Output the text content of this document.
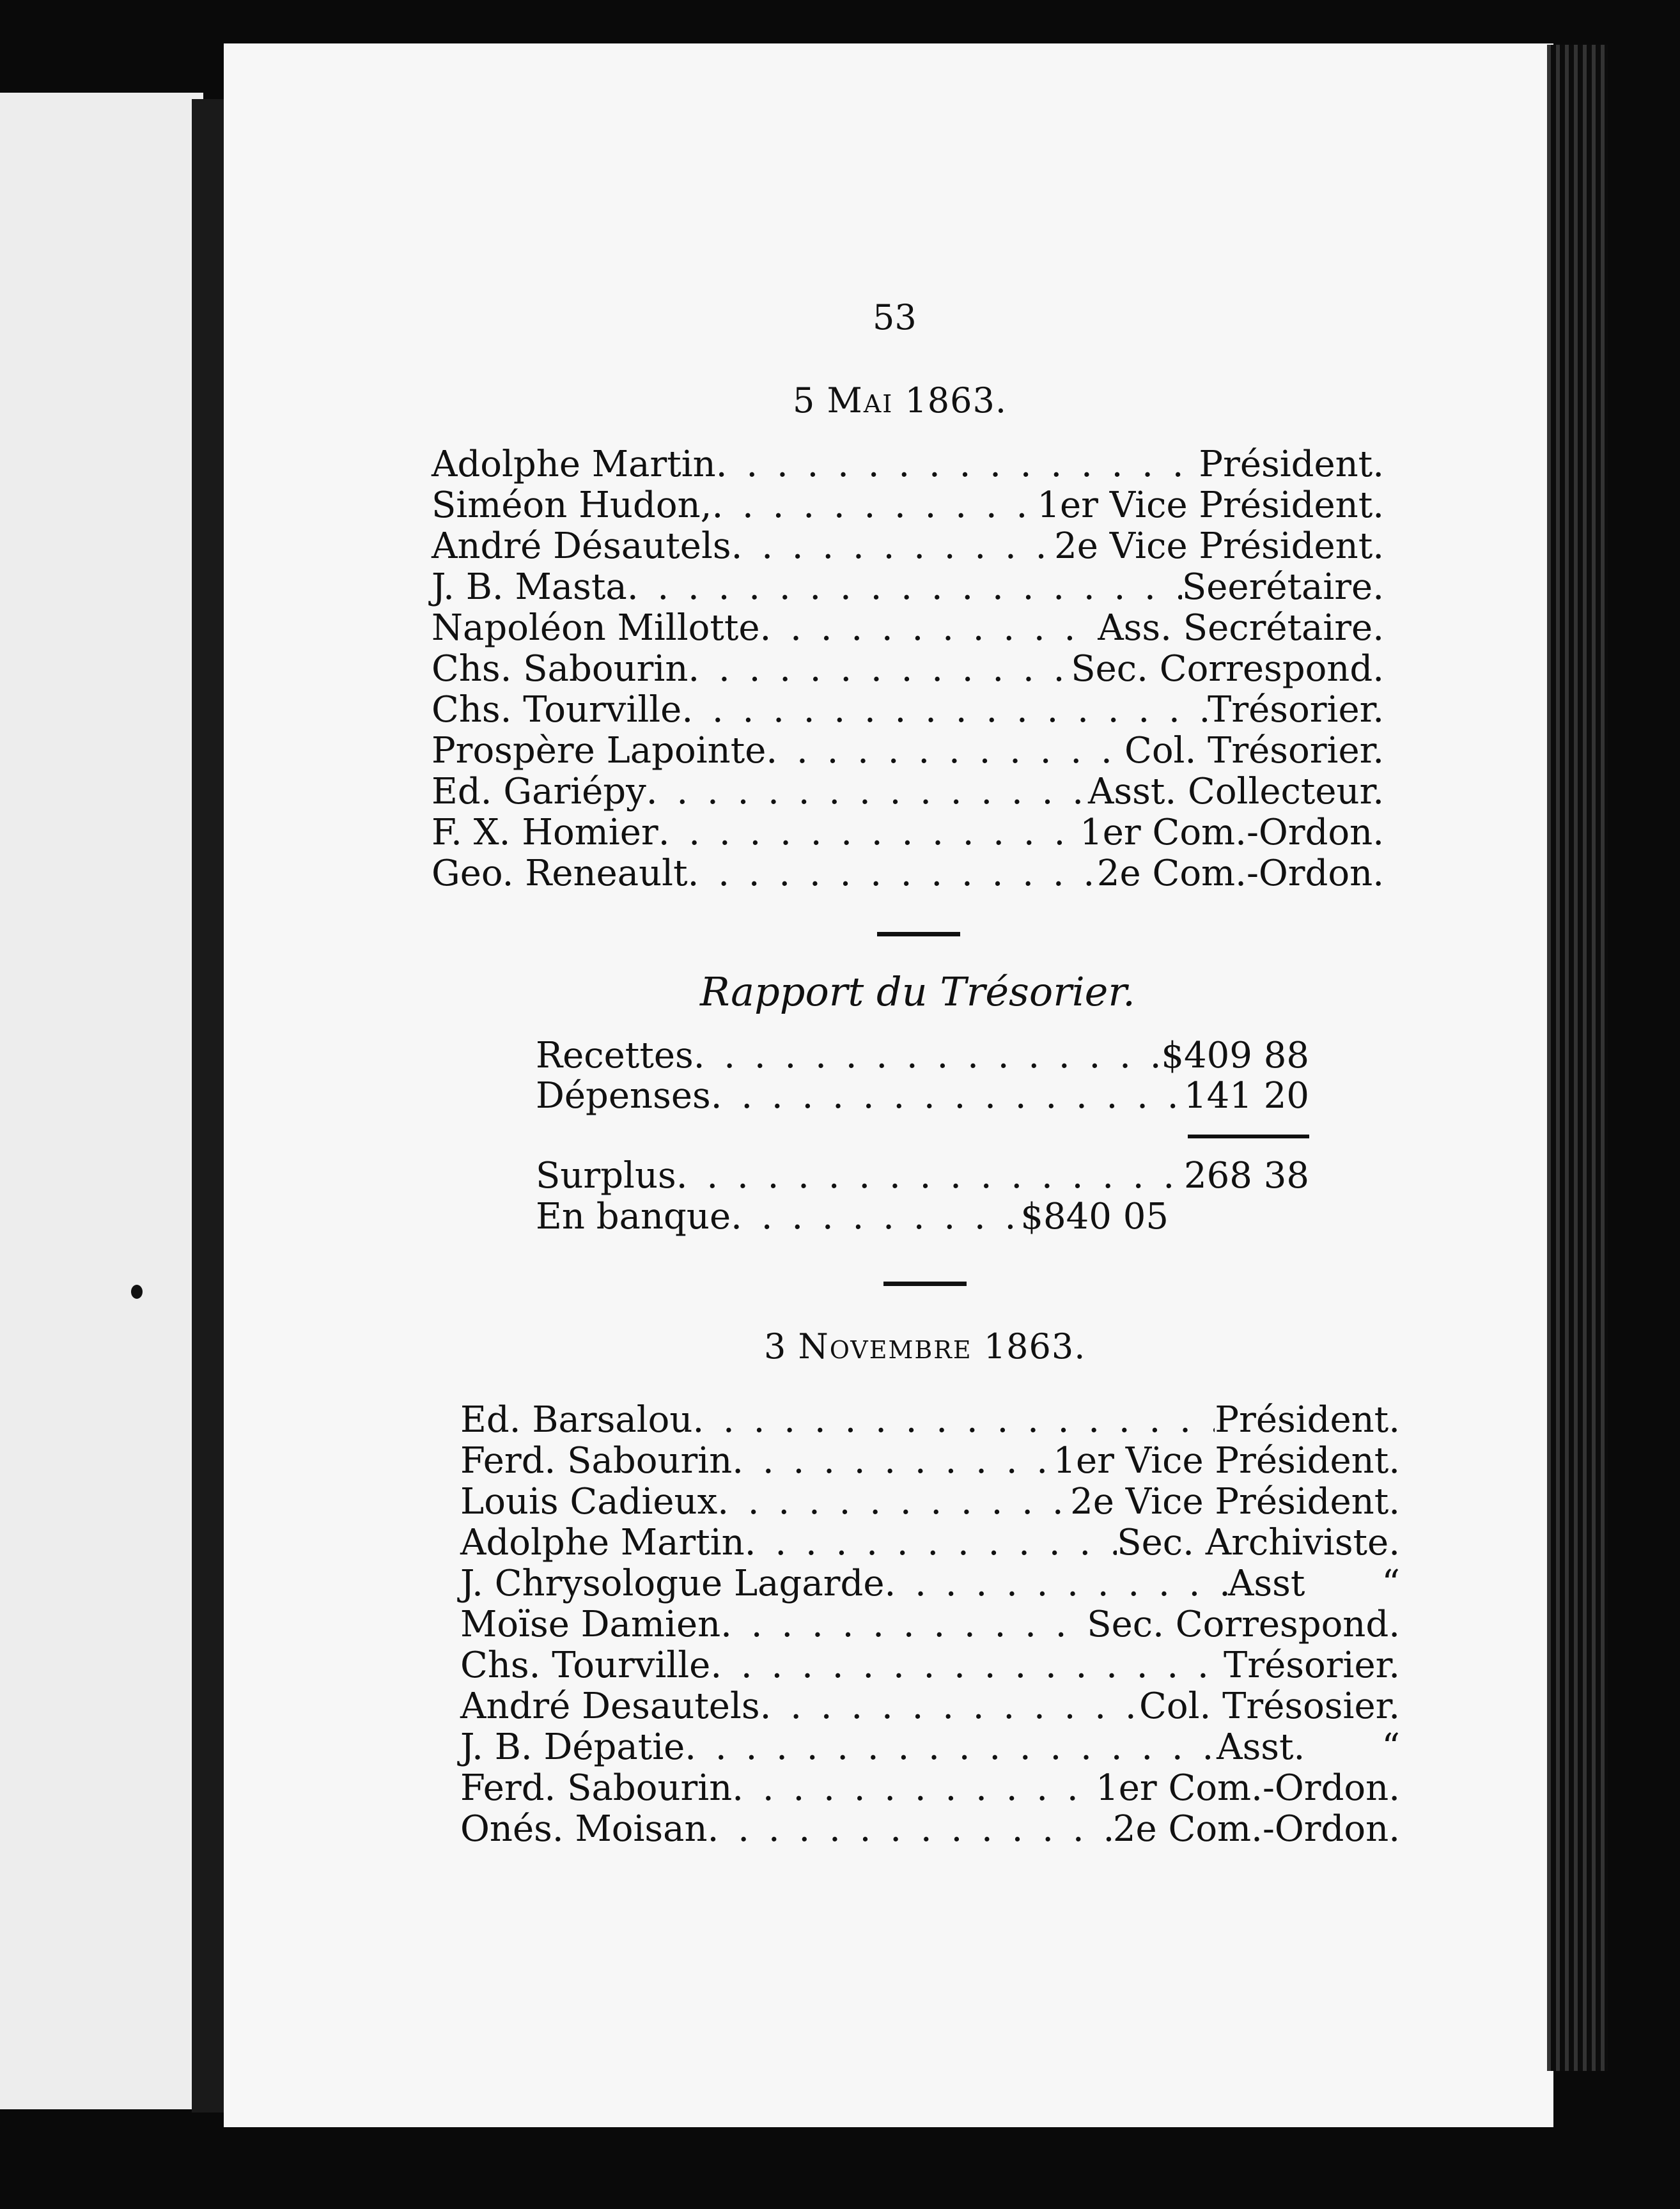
53
5 Mai 1863.
Adolphe Martin . . .	Président.
Siméon Hudon, . . .	1er Vice Président.
André Désautels . . .	2e Vice Président.
J. B. Masta . . .	Seerétaire.
Napoléon Millotte . . .	Ass. Secrétaire.
Chs. Sabourin . . .	Sec. Correspond.
Chs. Tourville . . .	Trésorier.
Prospère Lapointe . . .	Col. Trésorier.
Ed. Gariépy . . .	Asst. Collecteur.
F. X. Homier . . .	1er Com.-Ordon.
Geo. Reneault . . .	2e Com.-Ordon.
Rapport du Trésorier.
Recettes . . .	$409 88
Dépenses . . .	141 20
Surplus . . .	268 38
En banque . . .	$840 05
3 Novembre 1863.
Ed. Barsalou . . .	Président.
Ferd. Sabourin . . .	1er Vice Président.
Louis Cadieux . . .	2e Vice Président.
Adolphe Martin . . .	Sec. Archiviste.
J. Chrysologue Lagarde . . .	Asst “
Moïse Damien . . .	Sec. Correspond.
Chs. Tourville . . .	Trésorier.
André Desautels . . .	Col. Trésosier.
J. B. Dépatie . . .	Asst. “
Ferd. Sabourin . . .	1er Com.-Ordon.
Onés. Moisan . . .	2e Com.-Ordon.
